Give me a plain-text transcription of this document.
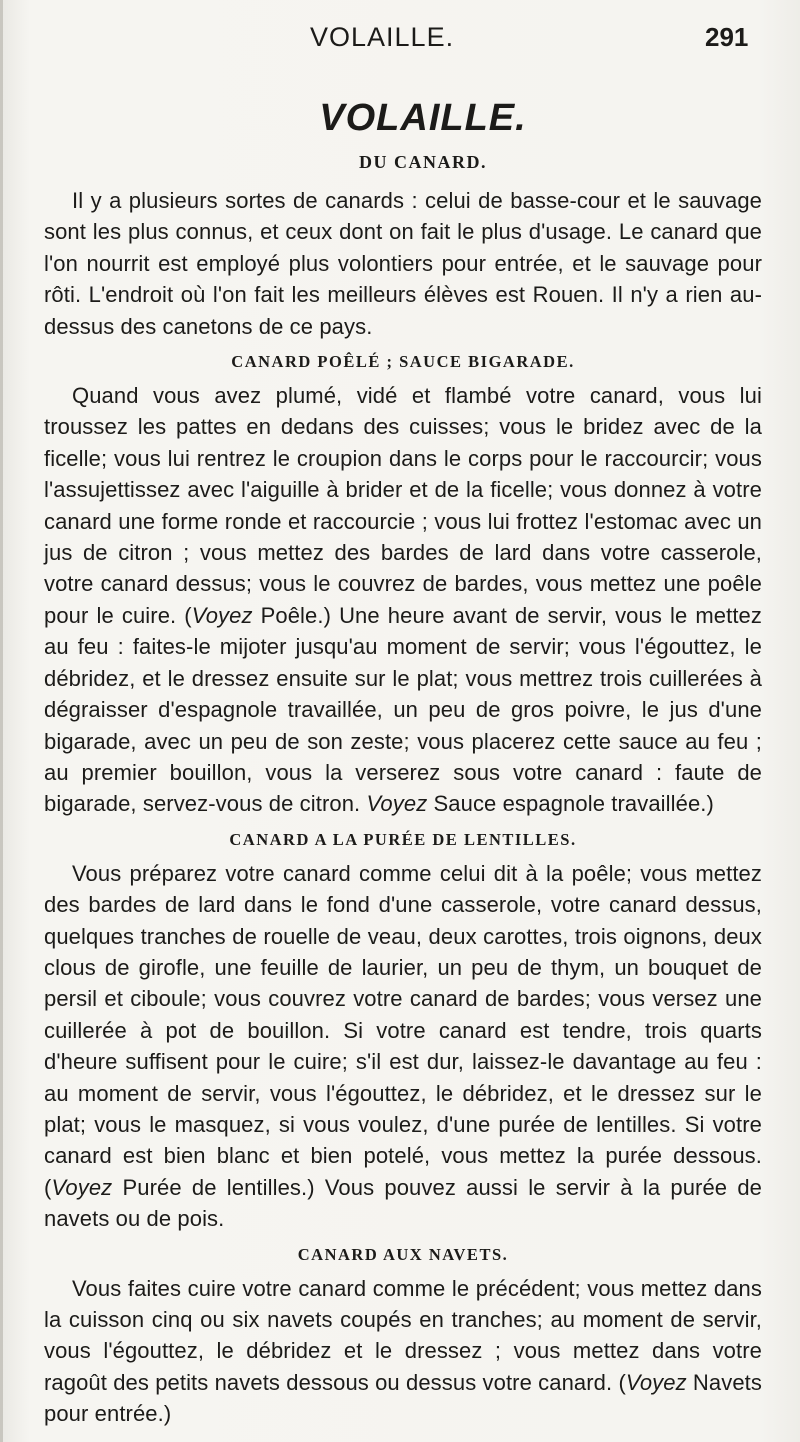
VOLAILLE.	291
VOLAILLE.
DU CANARD.

Il y a plusieurs sortes de canards : celui de basse-cour et le sauvage sont les plus connus, et ceux dont on fait le plus d'usage. Le canard que l'on nourrit est employé plus volontiers pour entrée, et le sauvage pour rôti. L'endroit où l'on fait les meilleurs élèves est Rouen. Il n'y a rien au-dessus des canetons de ce pays.

CANARD POÊLÉ ; SAUCE BIGARADE.

Quand vous avez plumé, vidé et flambé votre canard, vous lui troussez les pattes en dedans des cuisses; vous le bridez avec de la ficelle; vous lui rentrez le croupion dans le corps pour le raccourcir; vous l'assujettissez avec l'aiguille à brider et de la ficelle; vous donnez à votre canard une forme ronde et raccourcie ; vous lui frottez l'estomac avec un jus de citron ; vous mettez des bardes de lard dans votre casserole, votre canard dessus; vous le couvrez de bardes, vous mettez une poêle pour le cuire. (Voyez Poêle.) Une heure avant de servir, vous le mettez au feu : faites-le mijoter jusqu'au moment de servir; vous l'égouttez, le débridez, et le dressez ensuite sur le plat; vous mettrez trois cuillerées à dégraisser d'espagnole travaillée, un peu de gros poivre, le jus d'une bigarade, avec un peu de son zeste; vous placerez cette sauce au feu ; au premier bouillon, vous la verserez sous votre canard : faute de bigarade, servez-vous de citron. Voyez Sauce espagnole travaillée.)

CANARD A LA PURÉE DE LENTILLES.

Vous préparez votre canard comme celui dit à la poêle; vous mettez des bardes de lard dans le fond d'une casserole, votre canard dessus, quelques tranches de rouelle de veau, deux carottes, trois oignons, deux clous de girofle, une feuille de laurier, un peu de thym, un bouquet de persil et ciboule; vous couvrez votre canard de bardes; vous versez une cuillerée à pot de bouillon. Si votre canard est tendre, trois quarts d'heure suffisent pour le cuire; s'il est dur, laissez-le davantage au feu : au moment de servir, vous l'égouttez, le débridez, et le dressez sur le plat; vous le masquez, si vous voulez, d'une purée de lentilles. Si votre canard est bien blanc et bien potelé, vous mettez la purée dessous. (Voyez Purée de lentilles.) Vous pouvez aussi le servir à la purée de navets ou de pois.

CANARD AUX NAVETS.

Vous faites cuire votre canard comme le précédent; vous mettez dans la cuisson cinq ou six navets coupés en tranches; au moment de servir, vous l'égouttez, le débridez et le dressez ; vous mettez dans votre ragoût des petits navets dessous ou dessus votre canard. (Voyez Navets pour entrée.)
